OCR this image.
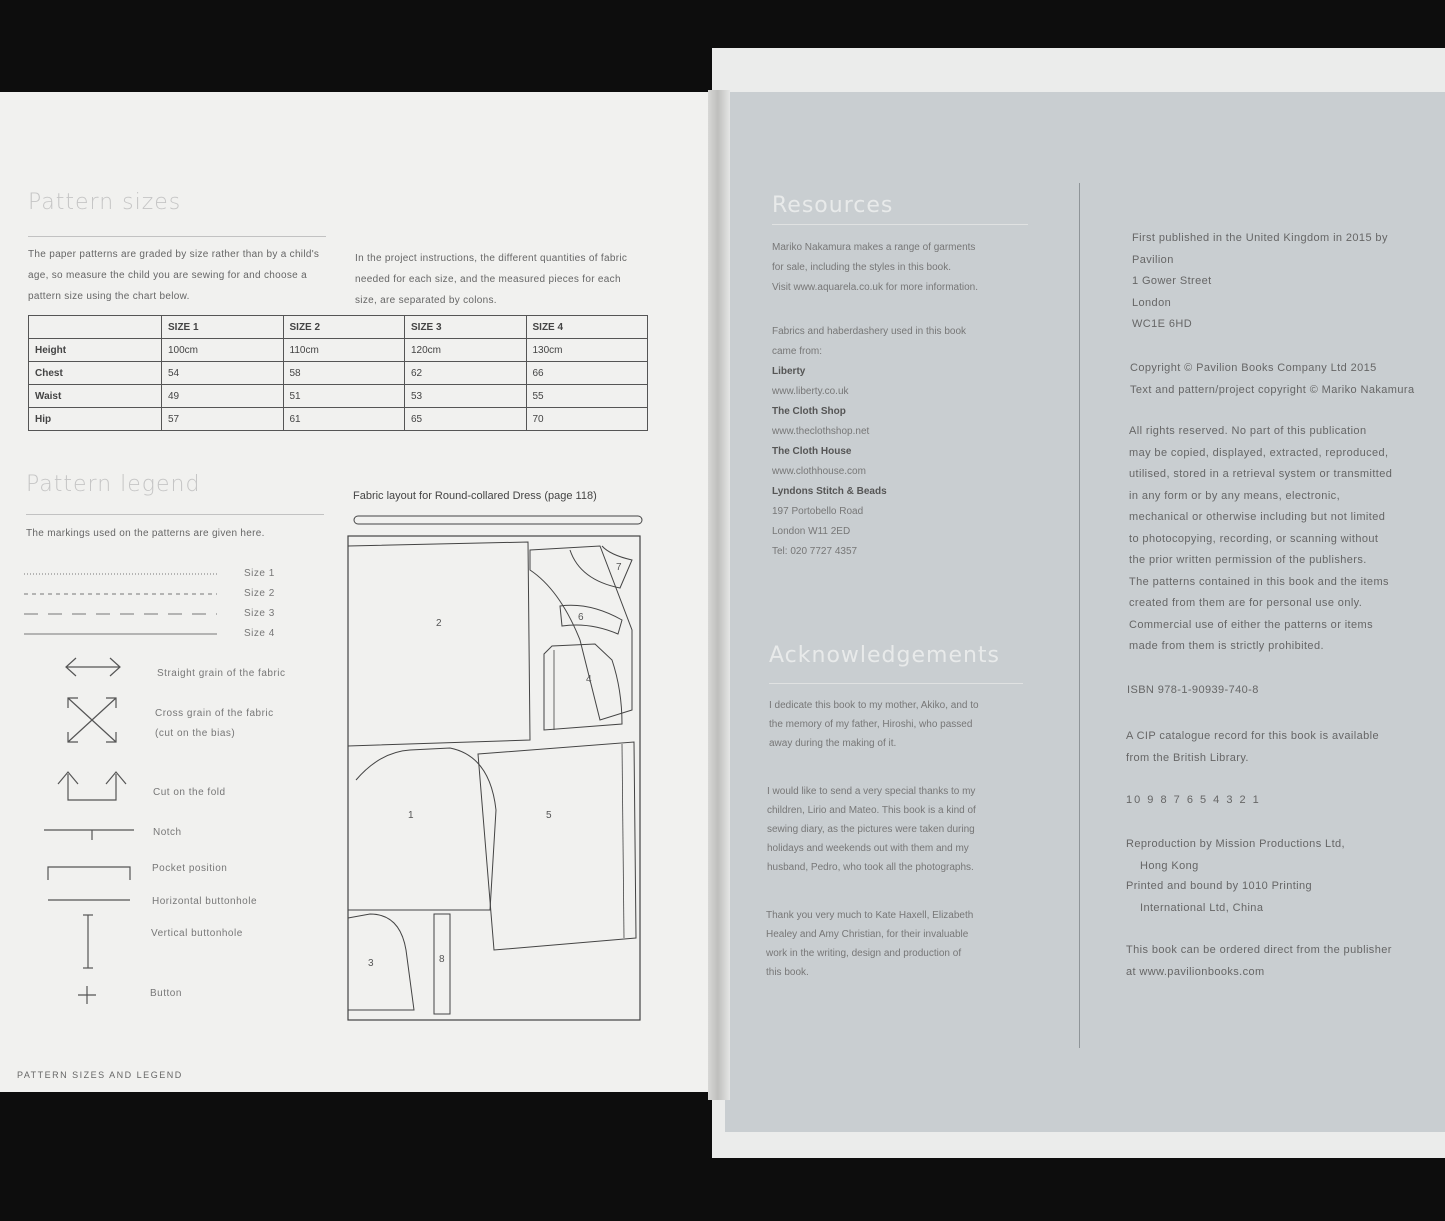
Pattern sizes
The paper patterns are graded by size rather than by a child's age, so measure the child you are sewing for and choose a pattern size using the chart below.
In the project instructions, the different quantities of fabric needed for each size, and the measured pieces for each size, are separated by colons.
	SIZE 1	SIZE 2	SIZE 3	SIZE 4
Height	100cm	110cm	120cm	130cm
Chest	54	58	62	66
Waist	49	51	53	55
Hip	57	61	65	70
Pattern legend
The markings used on the patterns are given here.
Size 1
Size 2
Size 3
Size 4
Straight grain of the fabric
Cross grain of the fabric
(cut on the bias)
Cut on the fold
Notch
Pocket position
Horizontal buttonhole
Vertical buttonhole
Button
Fabric layout for Round-collared Dress (page 118)
2
7
6
4
1	5
3	8
PATTERN SIZES AND LEGEND
Resources
Mariko Nakamura makes a range of garments
for sale, including the styles in this book.
Visit www.aquarela.co.uk for more information.
Fabrics and haberdashery used in this book
came from:
Liberty
www.liberty.co.uk
The Cloth Shop
www.theclothshop.net
The Cloth House
www.clothhouse.com
Lyndons Stitch & Beads
197 Portobello Road
London W11 2ED
Tel: 020 7727 4357
Acknowledgements
I dedicate this book to my mother, Akiko, and to
the memory of my father, Hiroshi, who passed
away during the making of it.
I would like to send a very special thanks to my
children, Lirio and Mateo. This book is a kind of
sewing diary, as the pictures were taken during
holidays and weekends out with them and my
husband, Pedro, who took all the photographs.
Thank you very much to Kate Haxell, Elizabeth
Healey and Amy Christian, for their invaluable
work in the writing, design and production of
this book.
First published in the United Kingdom in 2015 by
Pavilion
1 Gower Street
London
WC1E 6HD
Copyright © Pavilion Books Company Ltd 2015
Text and pattern/project copyright © Mariko Nakamura
All rights reserved. No part of this publication
may be copied, displayed, extracted, reproduced,
utilised, stored in a retrieval system or transmitted
in any form or by any means, electronic,
mechanical or otherwise including but not limited
to photocopying, recording, or scanning without
the prior written permission of the publishers.
The patterns contained in this book and the items
created from them are for personal use only.
Commercial use of either the patterns or items
made from them is strictly prohibited.
ISBN 978-1-90939-740-8
A CIP catalogue record for this book is available
from the British Library.
10 9 8 7 6 5 4 3 2 1
Reproduction by Mission Productions Ltd,
Hong Kong
Printed and bound by 1010 Printing
International Ltd, China
This book can be ordered direct from the publisher
at www.pavilionbooks.com
